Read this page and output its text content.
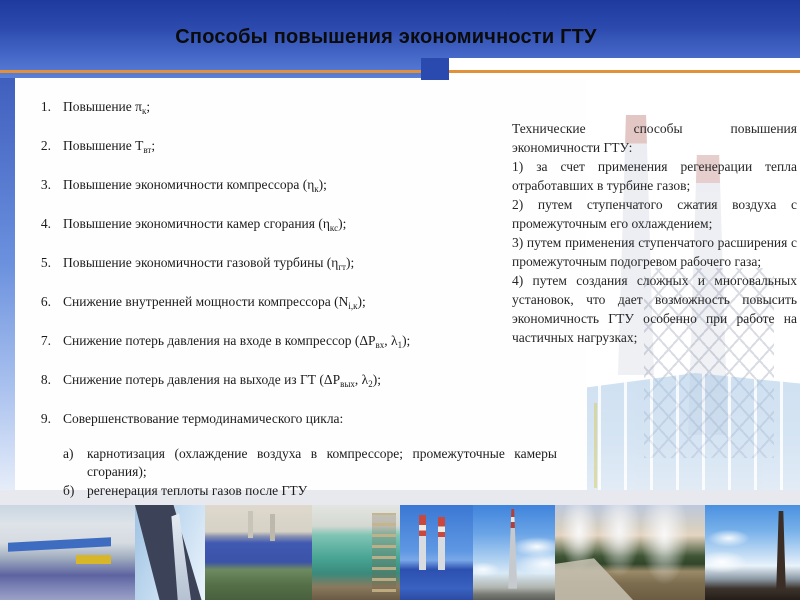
Способы повышения экономичности ГТУ
1. Повышение $\pi_к$;
2. Повышение $Т_{вт}$;
3. Повышение экономичности компрессора $(\eta_к)$;
4. Повышение экономичности камер сгорания $(\eta_{кс})$;
5. Повышение экономичности газовой турбины $(\eta_{гт})$;
6. Снижение внутренней мощности компрессора $(N_{i,к})$;
7. Снижение потерь давления на входе в компрессор ($\Delta P_{вх}$, $\lambda_1$);
8. Снижение потерь давления на выходе из ГТ ($\Delta P_{вых}$, $\lambda_2$);
9. Совершенствование термодинамического цикла:
а)	карнотизация (охлаждение воздуха в компрессоре; промежуточные камеры сгорания);
б) регенерация теплоты газов после ГТУ

Технические способы повышения экономичности ГТУ:

1) за счет применения регенерации тепла отработавших в турбине газов;

2) путем ступенчатого сжатия воздуха с промежуточным его охлаждением;

3) путем применения ступенчатого расширения с промежуточным подогревом рабочего газа;

4) путем создания сложных и многовальных установок, что дает возможность повысить экономичность ГТУ особенно при работе на частичных нагрузках;
